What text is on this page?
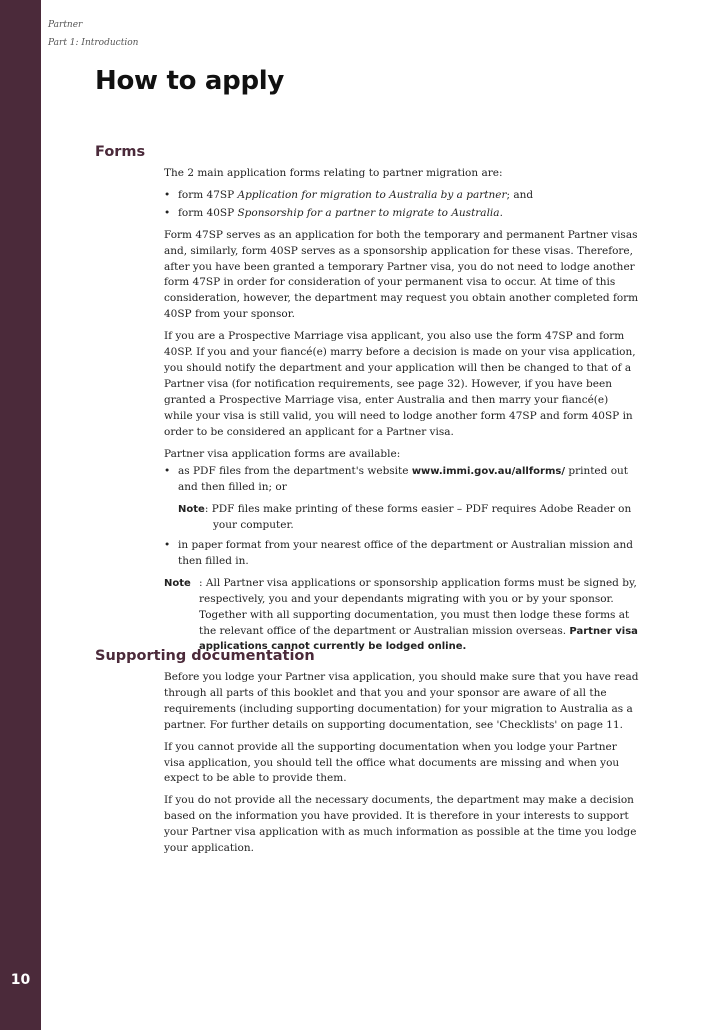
10
Partner
Part 1: Introduction
How to apply
Forms

The 2 main application forms relating to partner migration are:

• form 47SP Application for migration to Australia by a partner; and
• form 40SP Sponsorship for a partner to migrate to Australia.

Form 47SP serves as an application for both the temporary and permanent Partner visas and, similarly, form 40SP serves as a sponsorship application for these visas. Therefore, after you have been granted a temporary Partner visa, you do not need to lodge another form 47SP in order for consideration of your permanent visa to occur. At time of this consideration, however, the department may request you obtain another completed form 40SP from your sponsor.

If you are a Prospective Marriage visa applicant, you also use the form 47SP and form 40SP. If you and your fiancé(e) marry before a decision is made on your visa application, you should notify the department and your application will then be changed to that of a Partner visa (for notification requirements, see page 32). However, if you have been granted a Prospective Marriage visa, enter Australia and then marry your fiancé(e) while your visa is still valid, you will need to lodge another form 47SP and form 40SP in order to be considered an applicant for a Partner visa.

Partner visa application forms are available:

• as PDF files from the department's website www.immi.gov.au/allforms/ printed out and then filled in; or
Note: PDF files make printing of these forms easier – PDF requires Adobe Reader on
your computer.
• in paper format from your nearest office of the department or Australian mission and then filled in.
Note : All Partner visa applications or sponsorship application forms must be signed by, respectively, you and your dependants migrating with you or by your sponsor. Together with all supporting documentation, you must then lodge these forms at the relevant office of the department or Australian mission overseas. Partner visa applications cannot currently be lodged online.
Supporting documentation

Before you lodge your Partner visa application, you should make sure that you have read through all parts of this booklet and that you and your sponsor are aware of all the requirements (including supporting documentation) for your migration to Australia as a partner. For further details on supporting documentation, see 'Checklists' on page 11.

If you cannot provide all the supporting documentation when you lodge your Partner visa application, you should tell the office what documents are missing and when you expect to be able to provide them.

If you do not provide all the necessary documents, the department may make a decision based on the information you have provided. It is therefore in your interests to support your Partner visa application with as much information as possible at the time you lodge your application.
